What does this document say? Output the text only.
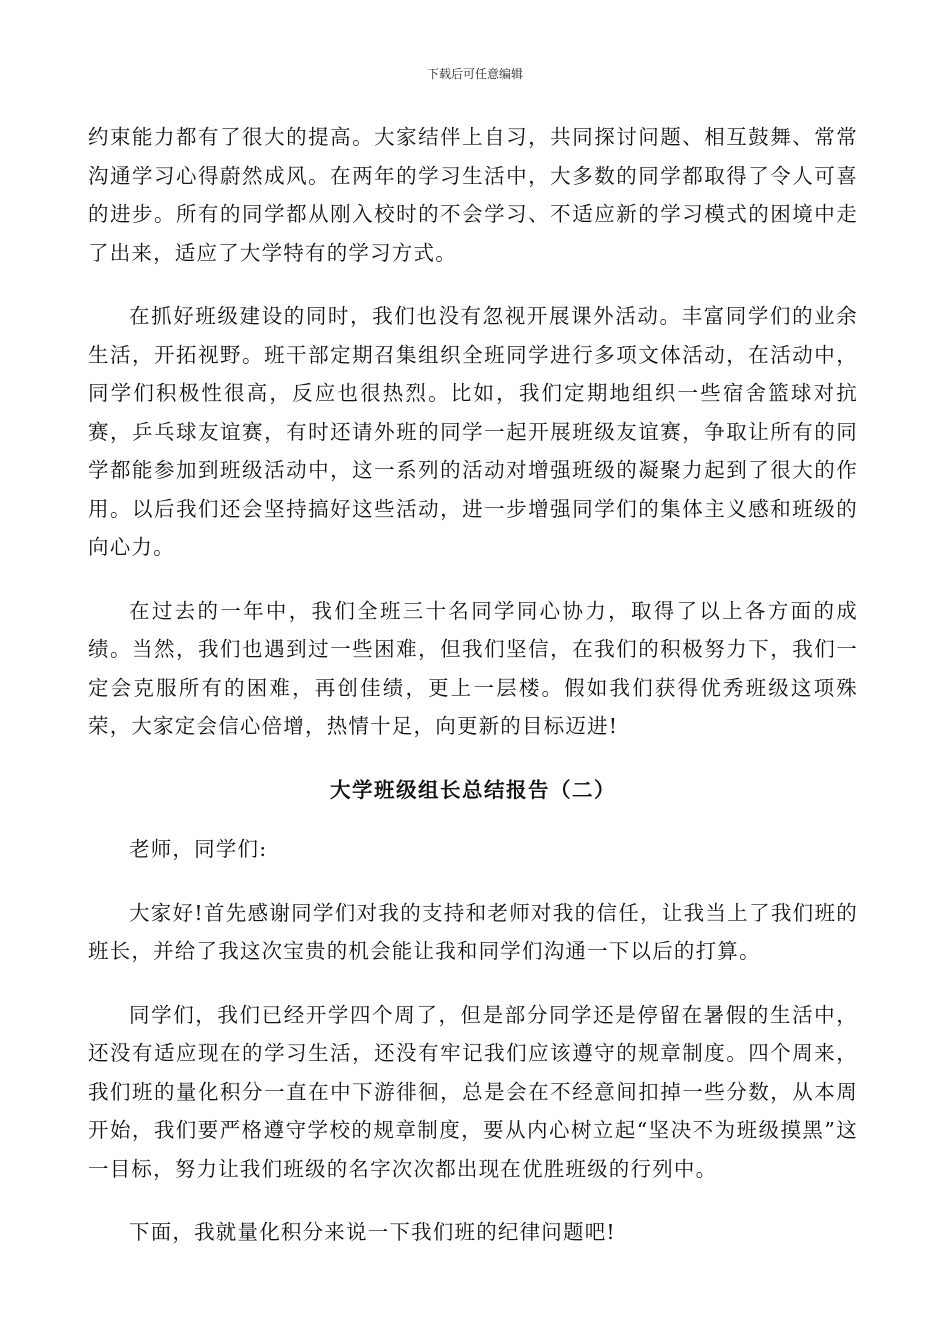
下载后可任意编辑

约束能力都有了很大的提高。大家结伴上自习，共同探讨问题、相互鼓舞、常常沟通学习心得蔚然成风。在两年的学习生活中，大多数的同学都取得了令人可喜的进步。所有的同学都从刚入校时的不会学习、不适应新的学习模式的困境中走了出来，适应了大学特有的学习方式。

在抓好班级建设的同时，我们也没有忽视开展课外活动。丰富同学们的业余生活，开拓视野。班干部定期召集组织全班同学进行多项文体活动，在活动中，同学们积极性很高，反应也很热烈。比如，我们定期地组织一些宿舍篮球对抗赛，乒乓球友谊赛，有时还请外班的同学一起开展班级友谊赛，争取让所有的同学都能参加到班级活动中，这一系列的活动对增强班级的凝聚力起到了很大的作用。以后我们还会坚持搞好这些活动，进一步增强同学们的集体主义感和班级的向心力。

在过去的一年中，我们全班三十名同学同心协力，取得了以上各方面的成绩。当然，我们也遇到过一些困难，但我们坚信，在我们的积极努力下，我们一定会克服所有的困难，再创佳绩，更上一层楼。假如我们获得优秀班级这项殊荣，大家定会信心倍增，热情十足，向更新的目标迈进!

大学班级组长总结报告（二）

老师，同学们:

大家好!首先感谢同学们对我的支持和老师对我的信任，让我当上了我们班的班长，并给了我这次宝贵的机会能让我和同学们沟通一下以后的打算。

同学们，我们已经开学四个周了，但是部分同学还是停留在暑假的生活中，还没有适应现在的学习生活，还没有牢记我们应该遵守的规章制度。四个周来，我们班的量化积分一直在中下游徘徊，总是会在不经意间扣掉一些分数，从本周开始，我们要严格遵守学校的规章制度，要从内心树立起“坚决不为班级摸黑”这一目标，努力让我们班级的名字次次都出现在优胜班级的行列中。

下面，我就量化积分来说一下我们班的纪律问题吧!
